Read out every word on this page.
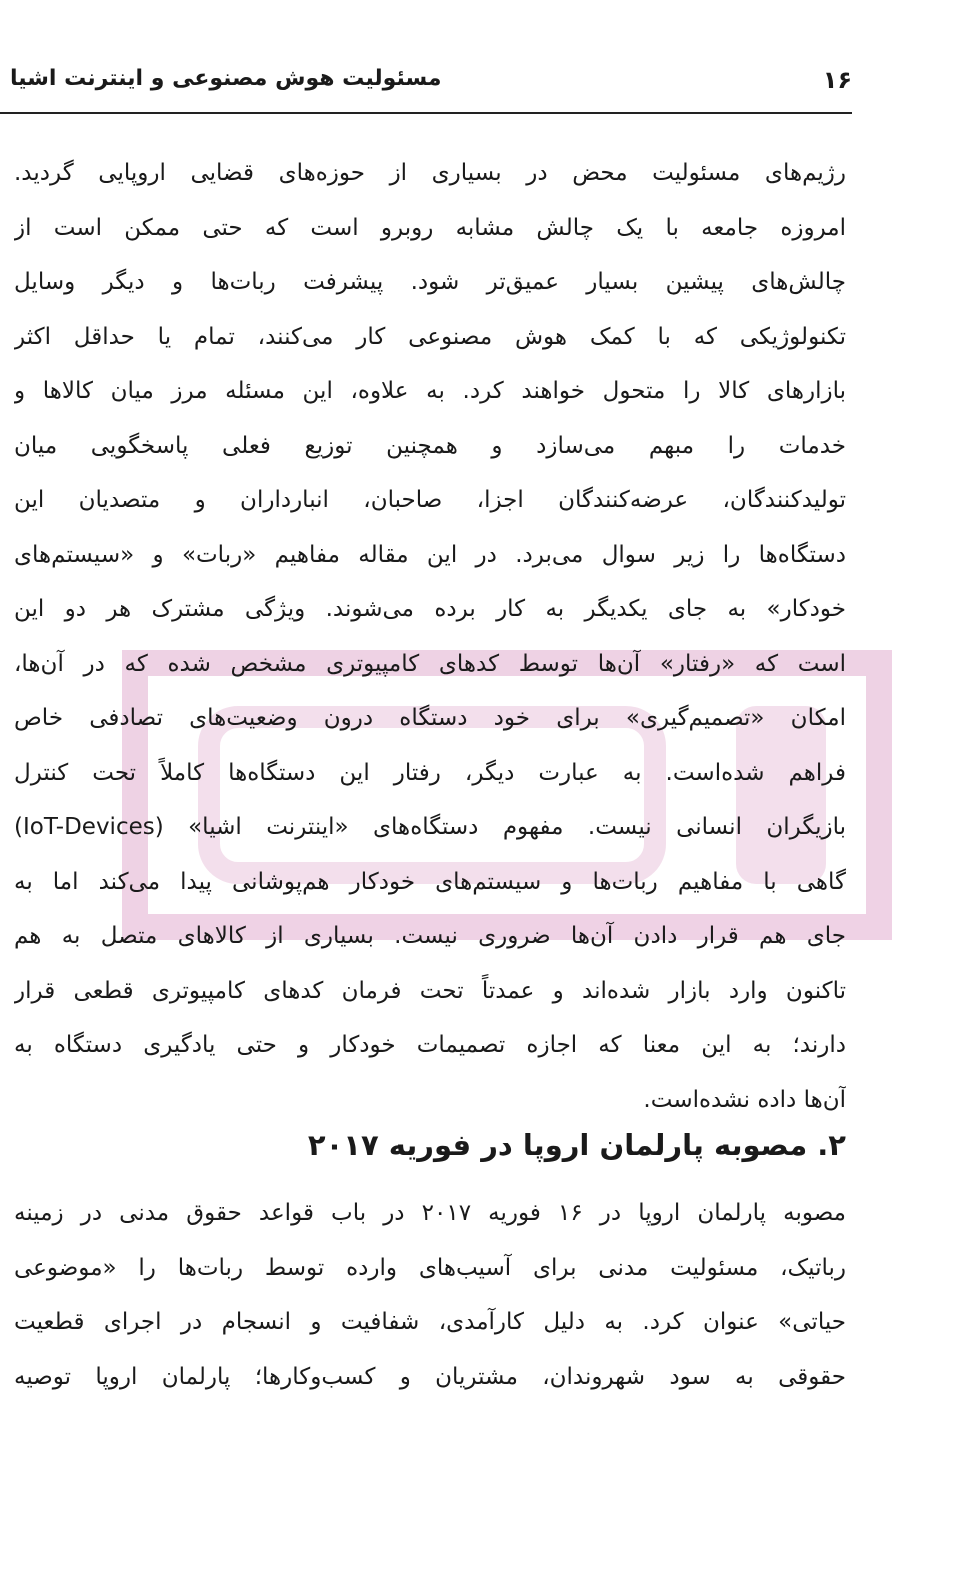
۱۶
مسئولیت هوش مصنوعی و اینترنت اشیا
رژیم‌های مسئولیت محض در بسیاری از حوزه‌های قضایی اروپایی گردید.
امروزه جامعه با یک چالش مشابه روبرو است که حتی ممکن است از
چالش‌های پیشین بسیار عمیق‌تر شود. پیشرفت ربات‌ها و دیگر وسایل
تکنولوژیکی که با کمک هوش مصنوعی کار می‌کنند، تمام یا حداقل اکثر
بازارهای کالا را متحول خواهند کرد. به علاوه، این مسئله مرز میان کالاها و
خدمات را مبهم می‌سازد و همچنین توزیع فعلی پاسخگویی میان
تولیدکنندگان، عرضه‌کنندگان اجزا، صاحبان، انبارداران و متصدیان این
دستگاه‌ها را زیر سوال می‌برد. در این مقاله مفاهیم «ربات» و «سیستم‌های
خودکار» به جای یکدیگر به کار برده می‌شوند. ویژگی مشترک هر دو این
است که «رفتار» آن‌ها توسط کدهای کامپیوتری مشخص شده که در آن‌ها،
امکان «تصمیم‌گیری» برای خود دستگاه درون وضعیت‌های تصادفی خاص
فراهم شده‌است. به عبارت دیگر، رفتار این دستگاه‌ها کاملاً تحت کنترل
بازیگران انسانی نیست. مفهوم دستگاه‌های «اینترنت اشیا» (IoT-Devices)
گاهی با مفاهیم ربات‌ها و سیستم‌های خودکار هم‌پوشانی پیدا می‌کند اما به
جای هم قرار دادن آن‌ها ضروری نیست. بسیاری از کالاهای متصل به هم
تاکنون وارد بازار شده‌اند و عمدتاً تحت فرمان کدهای کامپیوتری قطعی قرار
دارند؛ به این معنا که اجازه تصمیمات خودکار و حتی یادگیری دستگاه به
آن‌ها داده نشده‌است.
۲. مصوبه پارلمان اروپا در فوریه ۲۰۱۷
مصوبه پارلمان اروپا در ۱۶ فوریه ۲۰۱۷ در باب قواعد حقوق مدنی در زمینه
رباتیک، مسئولیت مدنی برای آسیب‌های وارده توسط ربات‌ها را «موضوعی
حیاتی» عنوان کرد. به دلیل کارآمدی، شفافیت و انسجام در اجرای قطعیت
حقوقی به سود شهروندان، مشتریان و کسب‌وکارها؛ پارلمان اروپا توصیه
